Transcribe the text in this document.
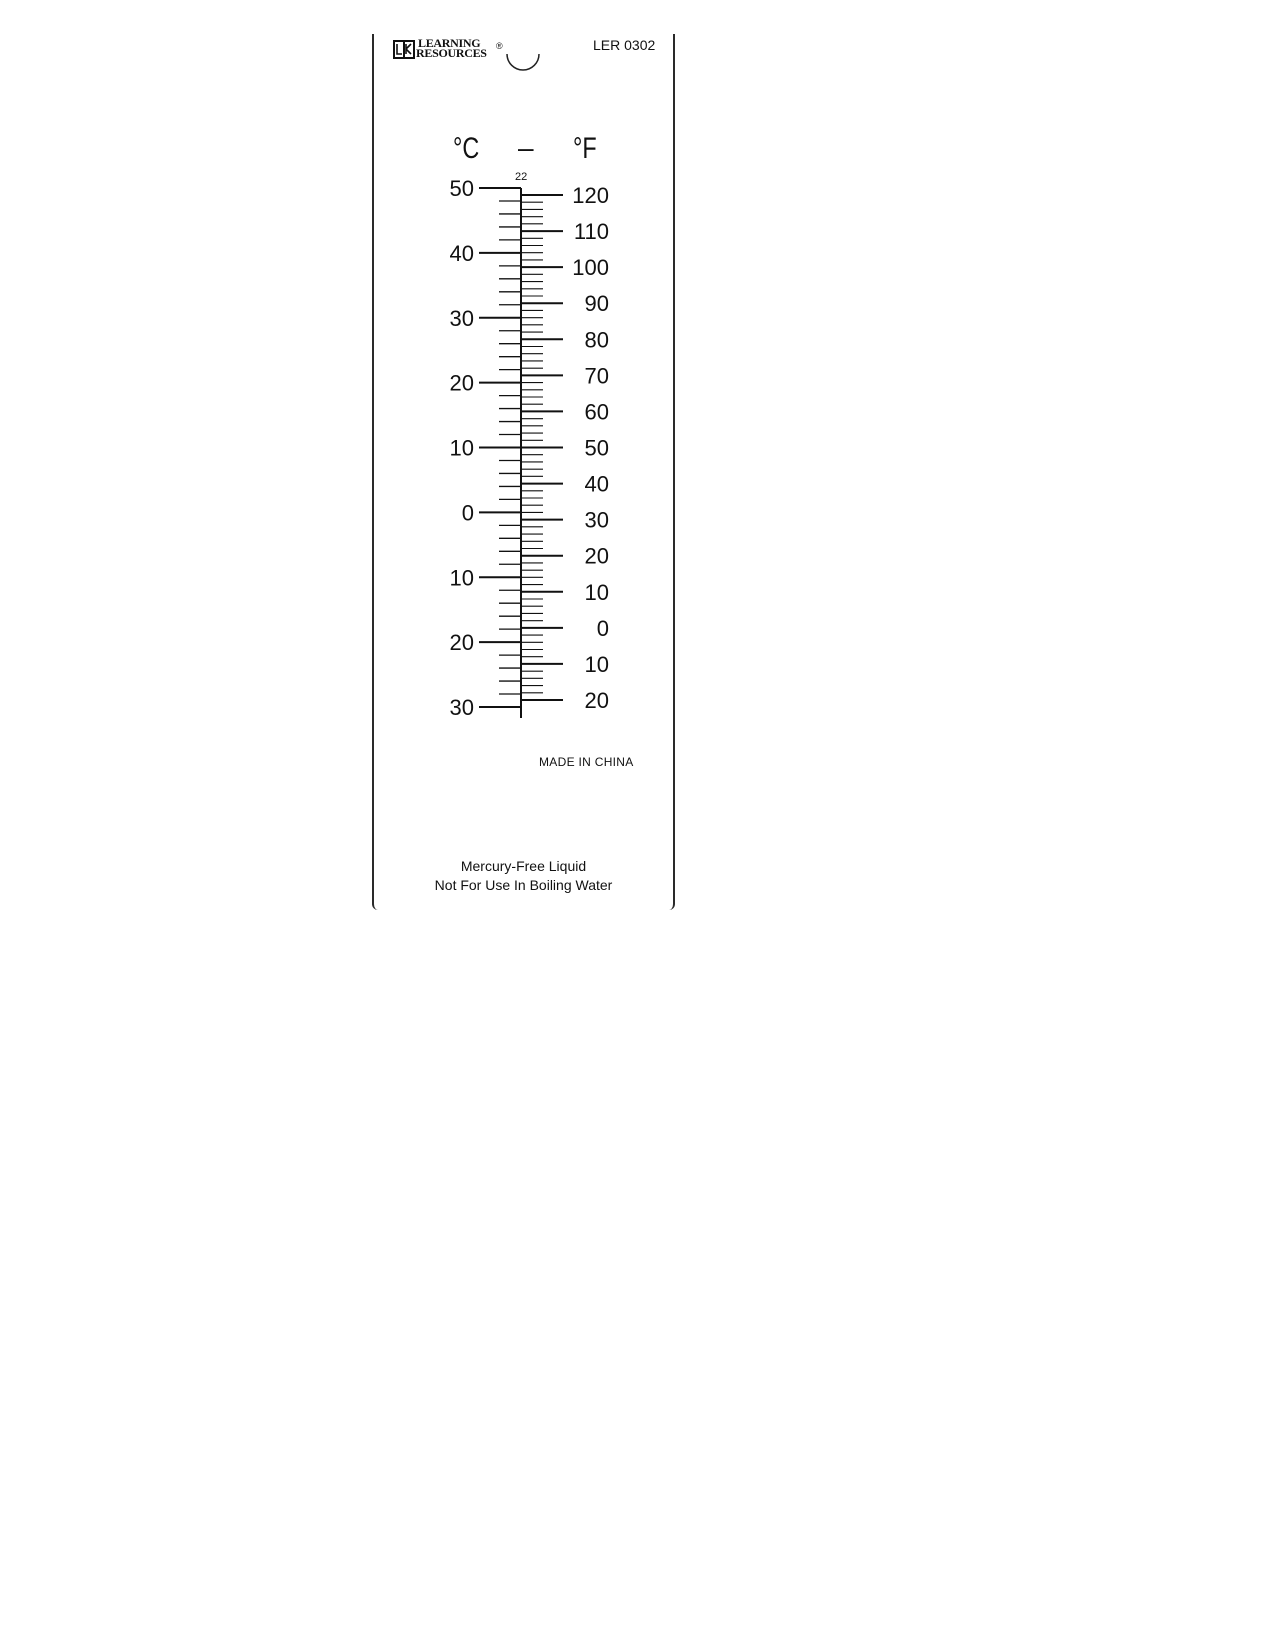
LEARNING
RESOURCES ®	LER 0302
°C – °F
22
50
40
30
20
10
0
10
20
30
120
110
100
90
80
70
60
50
40
30
20
10
0
10
20
MADE IN CHINA
Mercury-Free Liquid
Not For Use In Boiling Water
